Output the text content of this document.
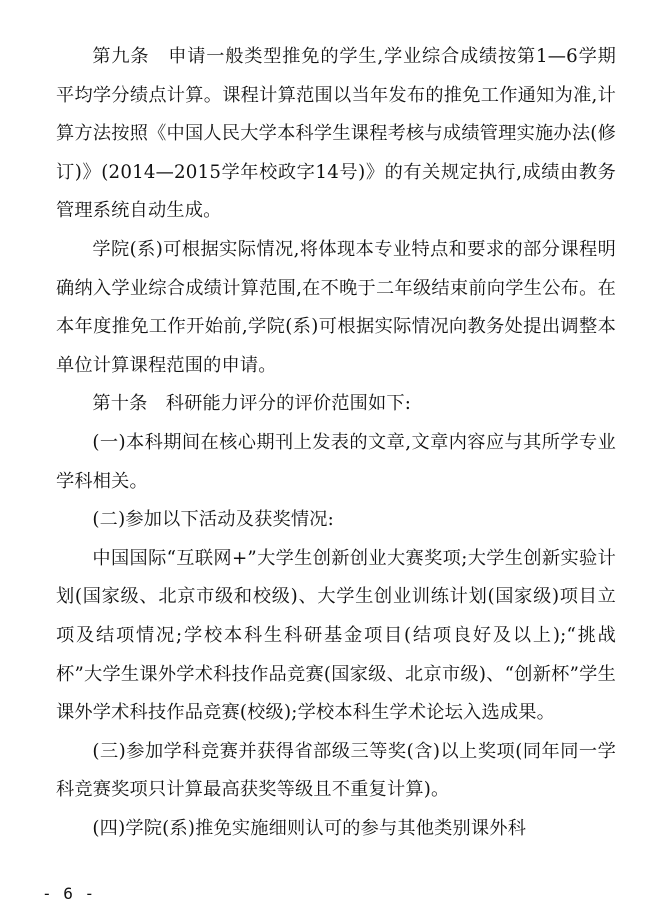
第九条 申请一般类型推免的学生,学业综合成绩按第1—6学期平均学分绩点计算。课程计算范围以当年发布的推免工作通知为准,计算方法按照《中国人民大学本科学生课程考核与成绩管理实施办法(修订)》(2014—2015学年校政字14号)》的有关规定执行,成绩由教务管理系统自动生成。

学院(系)可根据实际情况,将体现本专业特点和要求的部分课程明确纳入学业综合成绩计算范围,在不晚于二年级结束前向学生公布。在本年度推免工作开始前,学院(系)可根据实际情况向教务处提出调整本单位计算课程范围的申请。

第十条 科研能力评分的评价范围如下:

(一)本科期间在核心期刊上发表的文章,文章内容应与其所学专业学科相关。

(二)参加以下活动及获奖情况:

中国国际“互联网+”大学生创新创业大赛奖项;大学生创新实验计划(国家级、北京市级和校级)、大学生创业训练计划(国家级)项目立项及结项情况;学校本科生科研基金项目(结项良好及以上);“挑战杯”大学生课外学术科技作品竞赛(国家级、北京市级)、“创新杯”学生课外学术科技作品竞赛(校级);学校本科生学术论坛入选成果。

(三)参加学科竞赛并获得省部级三等奖(含)以上奖项(同年同一学科竞赛奖项只计算最高获奖等级且不重复计算)。

(四)学院(系)推免实施细则认可的参与其他类别课外科

- 6 -
